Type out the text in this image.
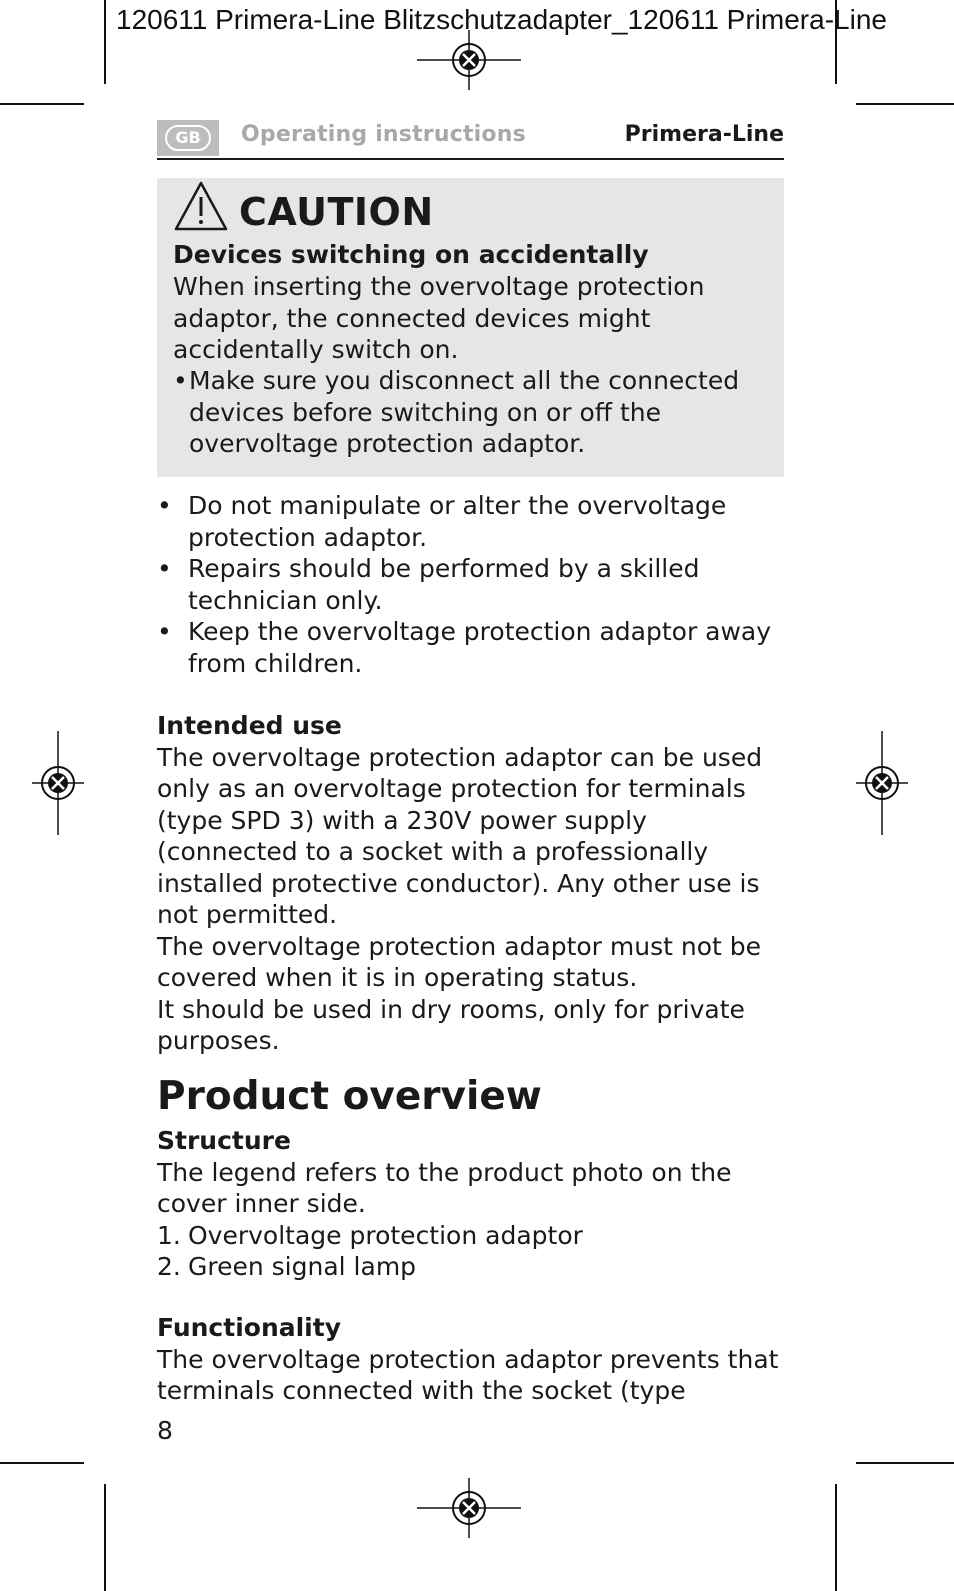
120611 Primera-Line Blitzschutzadapter_120611 Primera-Line
GB	Operating instructions	Primera-Line
CAUTION
Devices switching on accidentally
When inserting the overvoltage protection adaptor, the connected devices might accidentally switch on.
• Make sure you disconnect all the connected devices before switching on or off the overvoltage protection adaptor.
• Do not manipulate or alter the overvoltage protection adaptor.
• Repairs should be performed by a skilled technician only.
• Keep the overvoltage protection adaptor away from children.
Intended use
The overvoltage protection adaptor can be used only as an overvoltage protection for terminals (type SPD 3) with a 230V power supply (connected to a socket with a professionally installed protective conductor). Any other use is not permitted.
The overvoltage protection adaptor must not be covered when it is in operating status.
It should be used in dry rooms, only for private purposes.
Product overview
Structure
The legend refers to the product photo on the cover inner side.
1. Overvoltage protection adaptor
2. Green signal lamp
Functionality
The overvoltage protection adaptor prevents that terminals connected with the socket (type
8
